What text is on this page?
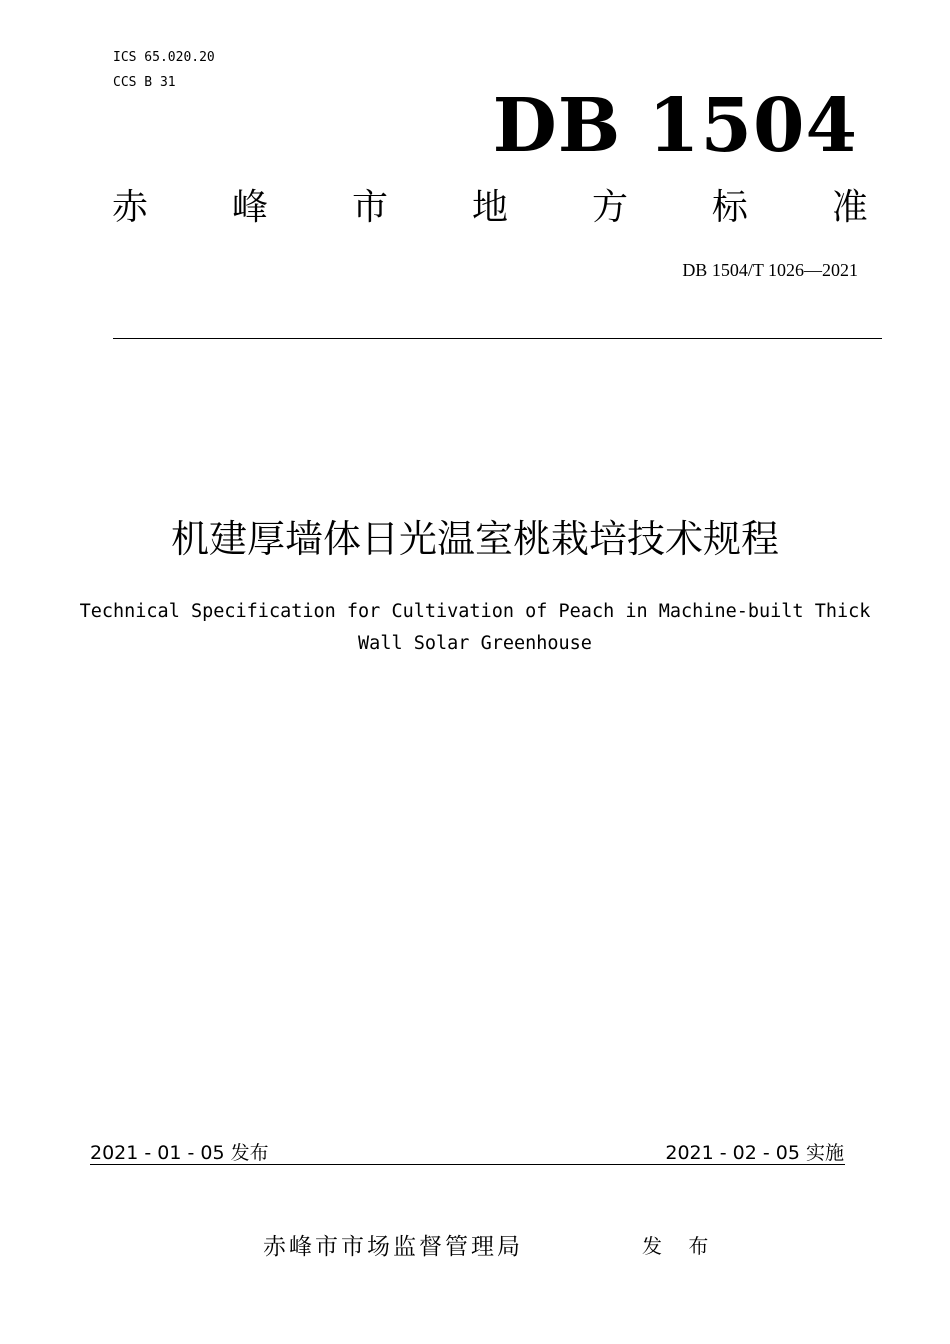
ICS 65.020.20
CCS B 31
DB 1504
赤 峰 市 地 方 标 准
DB 1504/T 1026—2021
机建厚墙体日光温室桃栽培技术规程
Technical Specification for Cultivation of Peach in Machine-built Thick
Wall Solar Greenhouse
2021 - 01 - 05 发布	2021 - 02 - 05 实施
赤峰市市场监督管理局	发 布
